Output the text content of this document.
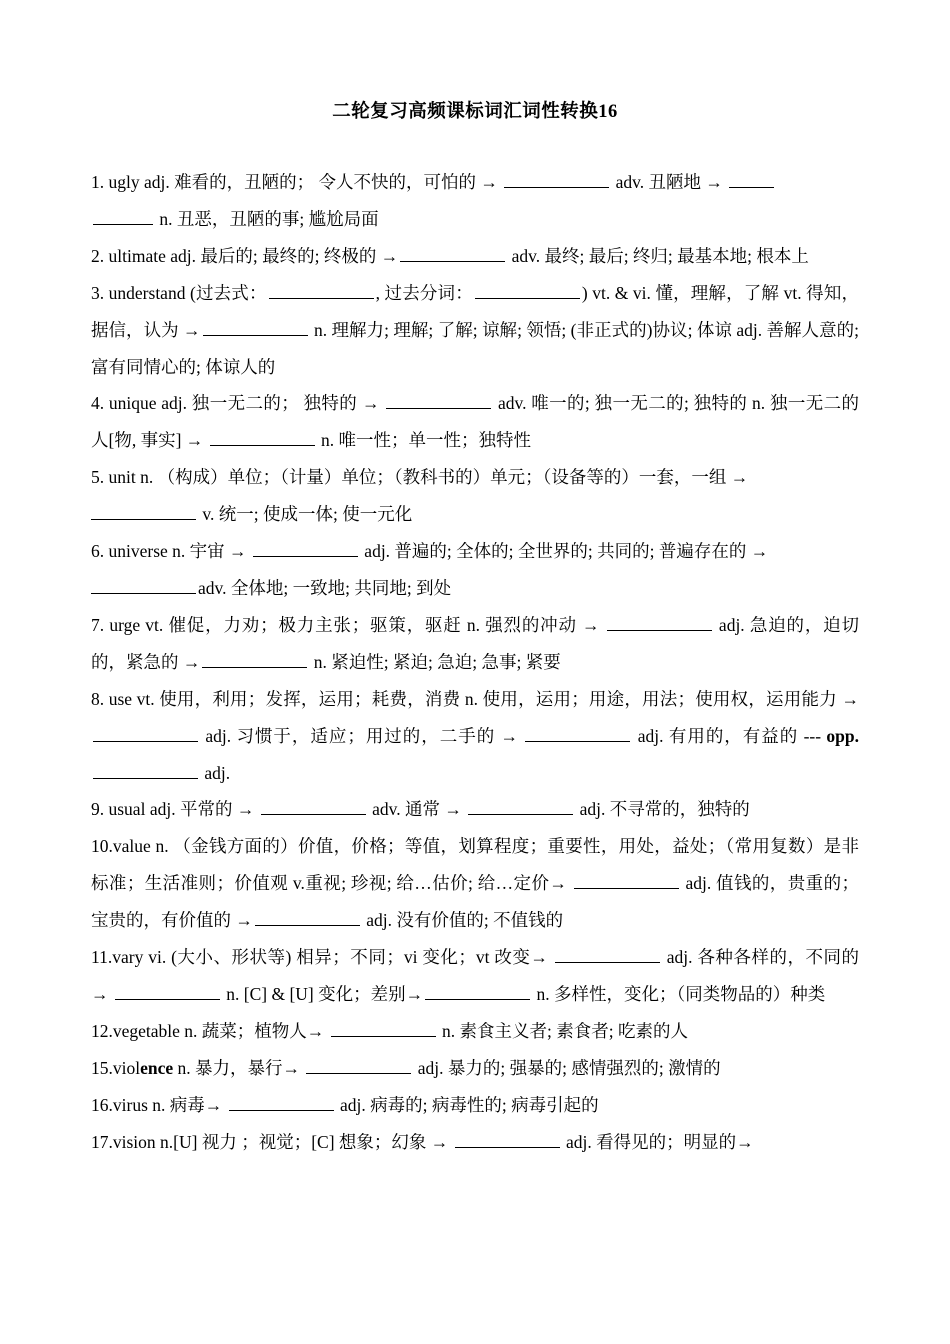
二轮复习高频课标词汇词性转换16

1. ugly adj. 难看的，丑陋的； 令人不快的，可怕的 →	adv. 丑陋地 →
n. 丑恶，丑陋的事; 尴尬局面

2. ultimate adj. 最后的; 最终的; 终极的 →	adv. 最终; 最后; 终归; 最基本地; 根本上

3. understand (过去式：	, 过去分词：	) vt. & vi. 懂，理解，了解 vt. 得知，据信，认为 →	n. 理解力; 理解; 了解; 谅解; 领悟; (非正式的)协议; 体谅 adj. 善解人意的; 富有同情心的; 体谅人的

4. unique adj. 独一无二的； 独特的 →	adv. 唯一的; 独一无二的; 独特的 n. 独一无二的人[物, 事实] →	n. 唯一性；单一性；独特性

5. unit n. （构成）单位；（计量）单位；（教科书的）单元；（设备等的）一套，一组 →
v. 统一; 使成一体; 使一元化

6. universe n. 宇宙 →	adj. 普遍的; 全体的; 全世界的; 共同的; 普遍存在的 →
adv. 全体地; 一致地; 共同地; 到处

7. urge vt. 催促，力劝；极力主张；驱策，驱赶 n. 强烈的冲动 →	adj. 急迫的，迫切的，紧急的 →	n. 紧迫性; 紧迫; 急迫; 急事; 紧要

8. use vt. 使用，利用；发挥，运用；耗费，消费 n. 使用，运用；用途，用法；使用权，运用能力 →  adj. 习惯于，适应；用过的，二手的 →	adj. 有用的，有益的 --- opp.  adj.

9. usual adj. 平常的 →	adv. 通常 →	adj. 不寻常的，独特的

10.value n. （金钱方面的）价值，价格；等值，划算程度；重要性，用处，益处；（常用复数）是非标准；生活准则；价值观 v.重视; 珍视; 给…估价; 给…定价→	adj. 值钱的，贵重的；宝贵的，有价值的 →	adj. 没有价值的; 不值钱的

11.vary vi. (大小、形状等) 相异；不同；vi 变化；vt 改变→	adj. 各种各样的，不同的→	n. [C] & [U] 变化；差别→	n. 多样性，变化；（同类物品的）种类

12.vegetable n. 蔬菜；植物人→	n. 素食主义者; 素食者; 吃素的人

15.violence n. 暴力，暴行→	adj. 暴力的; 强暴的; 感情强烈的; 激情的

16.virus n. 病毒→	adj. 病毒的; 病毒性的; 病毒引起的

17.vision n.[U] 视力 ；视觉；[C] 想象；幻象 →	adj. 看得见的；明显的→
